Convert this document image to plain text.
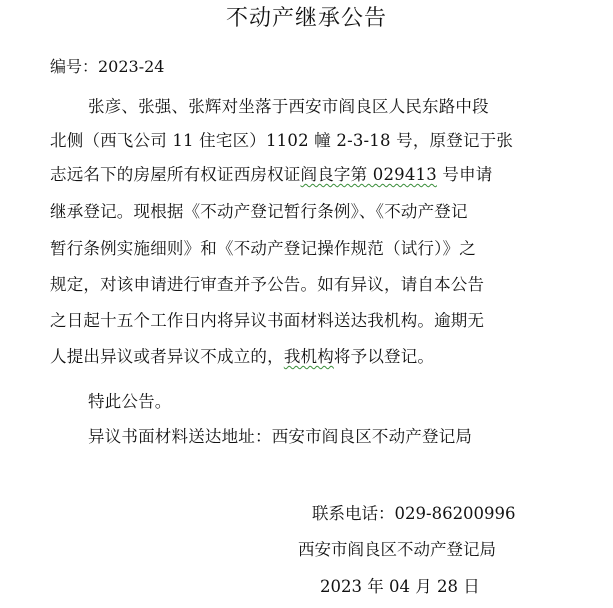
不动产继承公告
编号：2023-24
张彦、张强、张辉对坐落于西安市阎良区人民东路中段
北侧（西飞公司 11 住宅区）1102 幢 2-3-18 号，原登记于张
志远名下的房屋所有权证西房权证阎良字第 029413 号申请
继承登记。现根据《不动产登记暂行条例》、《不动产登记
暂行条例实施细则》和《不动产登记操作规范（试行）》之
规定，对该申请进行审查并予公告。如有异议，请自本公告
之日起十五个工作日内将异议书面材料送达我机构。逾期无
人提出异议或者异议不成立的，我机构将予以登记。
特此公告。
异议书面材料送达地址：西安市阎良区不动产登记局
联系电话：029-86200996
西安市阎良区不动产登记局
2023 年 04 月 28 日
